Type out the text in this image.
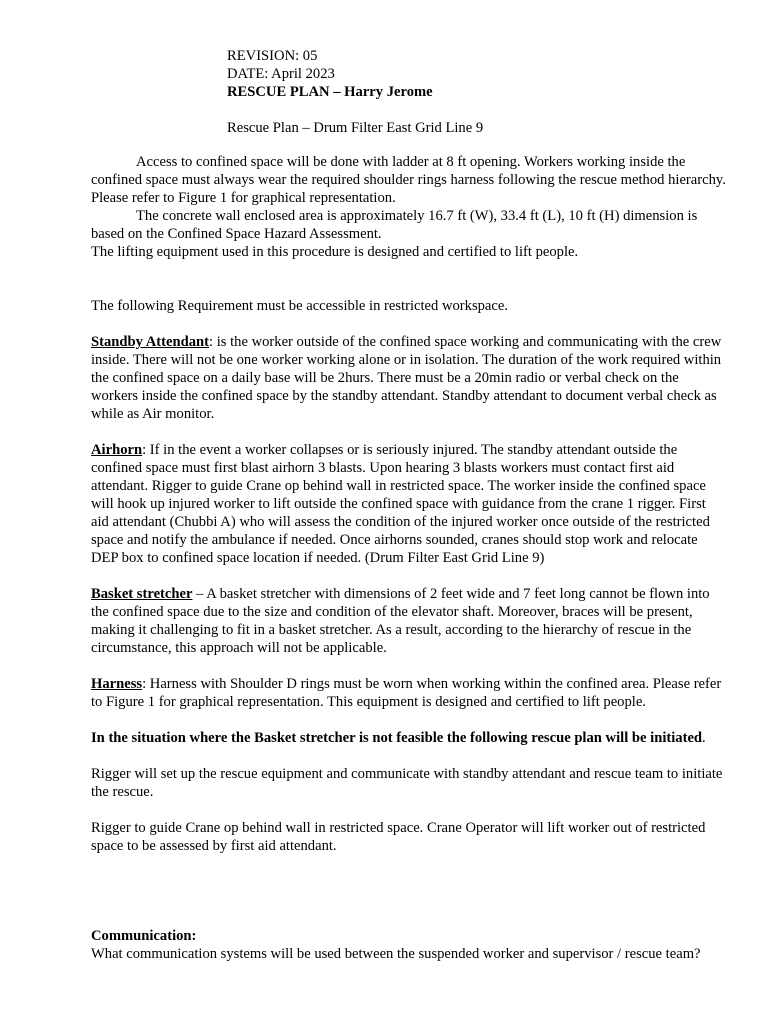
REVISION: 05
DATE: April 2023
RESCUE PLAN – Harry Jerome
Rescue Plan – Drum Filter East Grid Line 9

Access to confined space will be done with ladder at 8 ft opening. Workers working inside the confined space must always wear the required shoulder rings harness following the rescue method hierarchy. Please refer to Figure 1 for graphical representation.

The concrete wall enclosed area is approximately 16.7 ft (W), 33.4 ft (L), 10 ft (H) dimension is based on the Confined Space Hazard Assessment.

The lifting equipment used in this procedure is designed and certified to lift people.

The following Requirement must be accessible in restricted workspace.

Standby Attendant: is the worker outside of the confined space working and communicating with the crew inside. There will not be one worker working alone or in isolation. The duration of the work required within the confined space on a daily base will be 2hurs. There must be a 20min radio or verbal check on the workers inside the confined space by the standby attendant. Standby attendant to document verbal check as while as Air monitor.

Airhorn: If in the event a worker collapses or is seriously injured. The standby attendant outside the confined space must first blast airhorn 3 blasts. Upon hearing 3 blasts workers must contact first aid attendant. Rigger to guide Crane op behind wall in restricted space. The worker inside the confined space will hook up injured worker to lift outside the confined space with guidance from the crane 1 rigger. First aid attendant (Chubbi A) who will assess the condition of the injured worker once outside of the restricted space and notify the ambulance if needed. Once airhorns sounded, cranes should stop work and relocate DEP box to confined space location if needed. (Drum Filter East Grid Line 9)

Basket stretcher – A basket stretcher with dimensions of 2 feet wide and 7 feet long cannot be flown into the confined space due to the size and condition of the elevator shaft. Moreover, braces will be present, making it challenging to fit in a basket stretcher. As a result, according to the hierarchy of rescue in the circumstance, this approach will not be applicable.

Harness: Harness with Shoulder D rings must be worn when working within the confined area. Please refer to Figure 1 for graphical representation. This equipment is designed and certified to lift people.

In the situation where the Basket stretcher is not feasible the following rescue plan will be initiated.

Rigger will set up the rescue equipment and communicate with standby attendant and rescue team to initiate the rescue.

Rigger to guide Crane op behind wall in restricted space. Crane Operator will lift worker out of restricted space to be assessed by first aid attendant.

Communication:

What communication systems will be used between the suspended worker and supervisor / rescue team?
